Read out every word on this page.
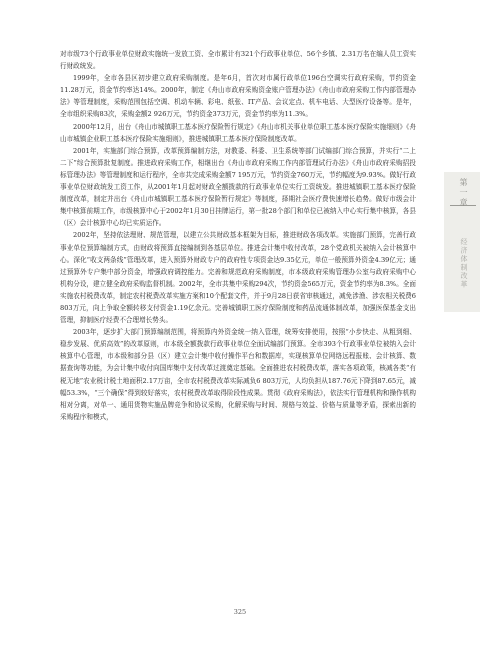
对市级73个行政事业单位财政实施统一发放工资、全市累计有321个行政事业单位、56个乡镇、2.31万名在编人员工资实行财政统发。

1999年，全市各县区初步建立政府采购制度。是年6月，首次对市属行政单位196台空调实行政府采购，节约资金11.28万元，资金节约率达14%。2000年，制定《舟山市政府采购资金账户管理办法》《舟山市政府采购工作内部管理办法》等管理制度，采购范围包括空调、机动车辆、彩电、纸张、IT产品、会议定点、机车电话、大型医疗设备等。是年，全市组织采购83次，采购金额2 926万元，节约资金373万元，资金节约率为11.3%。

2000年12月，出台《舟山市城镇职工基本医疗保险暂行规定》《舟山市机关事业单位职工基本医疗保险实施细则》《舟山市城镇企业职工基本医疗保险实施细则》，推进城镇职工基本医疗保险制度改革。

2001年，实施部门综合预算，改革预算编制方法，对教委、科委、卫生系统等部门试编部门综合预算，并实行“二上二下”综合预算批复制度。推进政府采购工作，相继出台《舟山市政府采购工作内部管理试行办法》《舟山市政府采购招投标管理办法》等管理制度和运行程序，全市共完成采购金额7 195万元，节约资金760万元，节约幅度为9.93%。做好行政事业单位财政统发工资工作，从2001年1月起对财政全额拨款的行政事业单位实行工资统发。推进城镇职工基本医疗保险制度改革，制定并出台《舟山市城镇职工基本医疗保险暂行规定》等制度，择期社会医疗费快速增长趋势。做好市级会计集中核算前期工作，市级核算中心于2002年1月30日挂牌运行，第一批28个部门和单位已被纳入中心实行集中核算，各县（区）会计核算中心均已实质运作。

2002年，坚持依法理财、规范管理，以建立公共财政基本框架为目标，推进财政各项改革。实施部门预算，完善行政事业单位预算编制方式，由财政将预算直接编制到各基层单位。推进会计集中收付改革，28个党政机关被纳入会计核算中心。深化“收支两条线”管理改革，进入预算外财政专户的政府性专项资金达9.35亿元，单位一般预算外资金4.39亿元；通过预算外专户集中部分资金，增强政府调控能力。完善和规范政府采购制度，市本级政府采购管理办公室与政府采购中心机构分设，建立健全政府采购监督机制。2002年，全市共集中采购294次，节约资金565万元，资金节约率为8.3%。全面实施农村税费改革，制定农村税费改革实施方案和10个配套文件，并于9月28日获省审核通过，减免涉渔、涉农相关税费6 803万元，向上争取全额转移支付资金1.19亿余元。完善城镇职工医疗保险制度和药品流通体制改革，加强医保基金支出管理，抑制医疗经费不合理增长势头。

2003年，逐步扩大部门预算编制范围，将预算内外资金统一纳入管理，统筹安排使用，按照“小步快走、从粗到细、稳步发展、优质高效”的改革原则，市本级全额拨款行政事业单位全面试编部门预算。全市393个行政事业单位被纳入会计核算中心管理，市本级和部分县（区）建立会计集中收付操作平台和数据库，实现核算单位网络远程报账、会计核算、数据查询等功能，为会计集中收付向国库集中支付改革过渡奠定基础。全面推进农村税费改革，落实各项政策，核减各类“有税无地”农业税计税土地面积2.17万亩，全市农村税费改革实际减负6 803万元，人均负担从187.76元下降到87.65元，减幅53.3%，“三个确保”得到较好落实，农村税费改革取得阶段性成果。贯彻《政府采购法》，依法实行管理机构和操作机构相对分离，对单一、通用货物实施品牌竞争和协议采购，化解采购与时间、规格与效益、价格与质量等矛盾，探索出新的采购程序和模式，

第一章
经济体制改革
325
